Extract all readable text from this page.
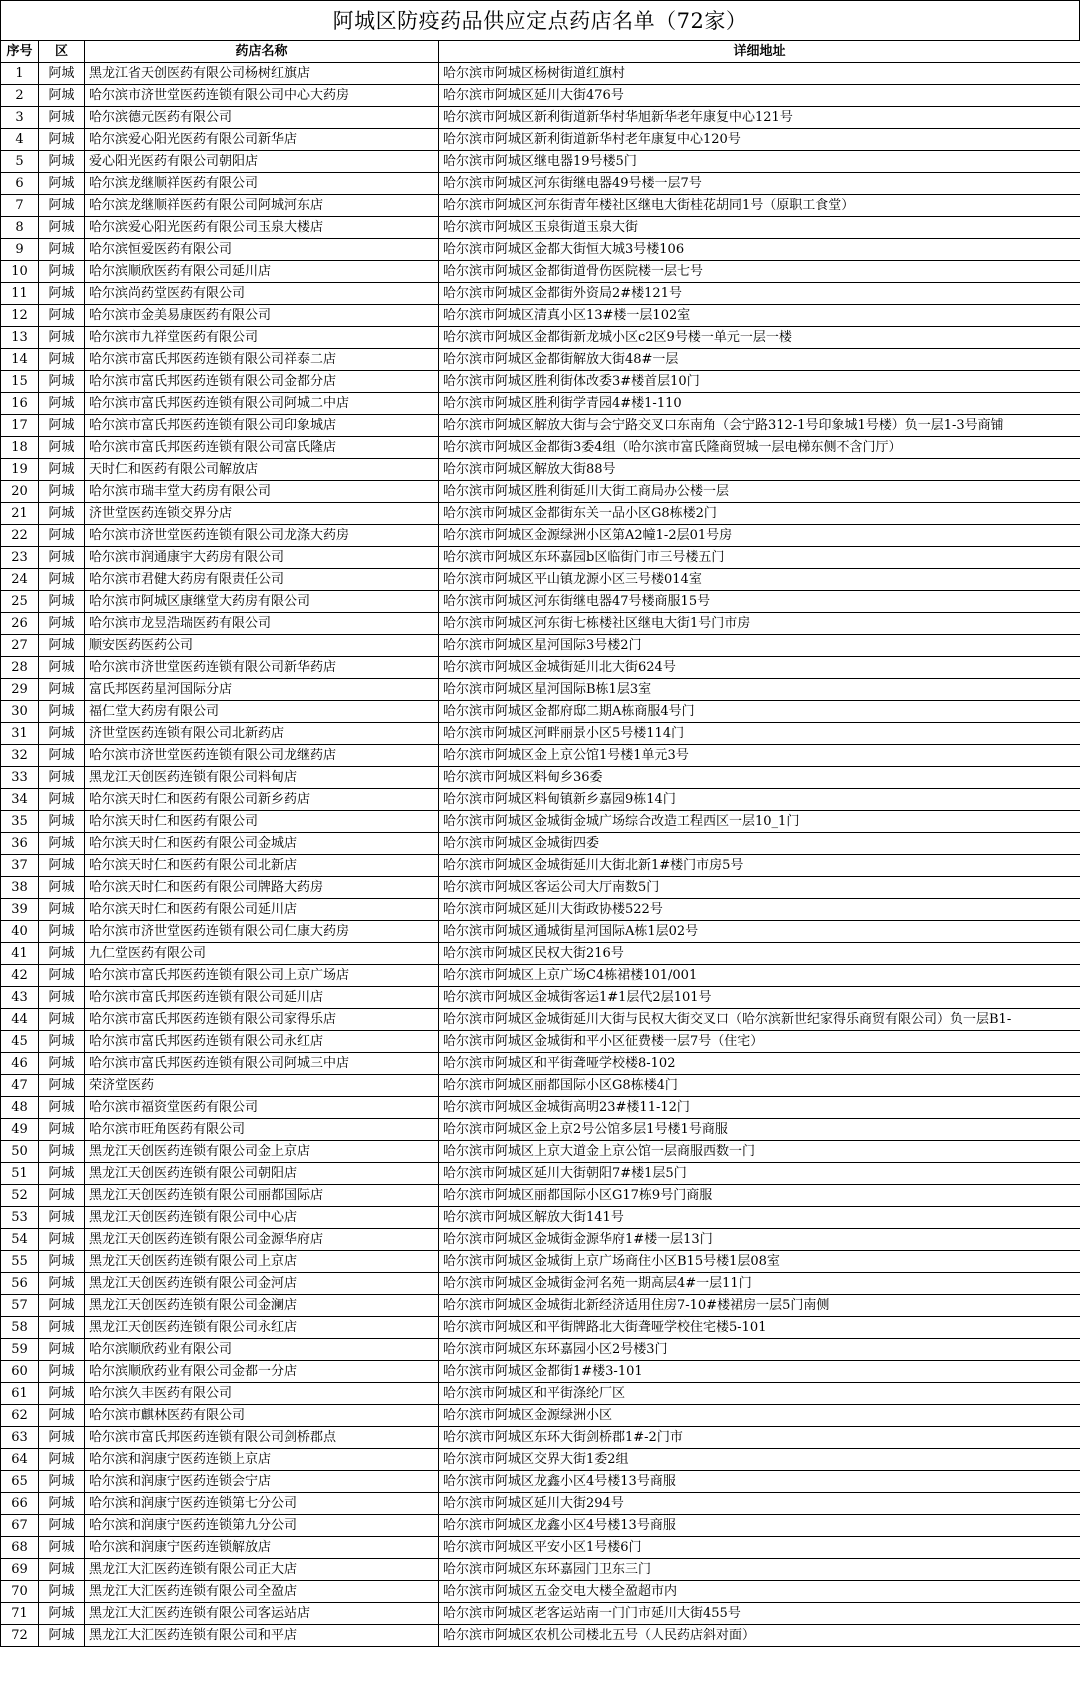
阿城区防疫药品供应定点药店名单（72家）
序号	区	药店名称	详细地址
1	阿城	黑龙江省天创医药有限公司杨树红旗店	哈尔滨市阿城区杨树街道红旗村
2	阿城	哈尔滨市济世堂医药连锁有限公司中心大药房	哈尔滨市阿城区延川大街476号
3	阿城	哈尔滨德元医药有限公司	哈尔滨市阿城区新利街道新华村华旭新华老年康复中心121号
4	阿城	哈尔滨爱心阳光医药有限公司新华店	哈尔滨市阿城区新利街道新华村老年康复中心120号
5	阿城	爱心阳光医药有限公司朝阳店	哈尔滨市阿城区继电器19号楼5门
6	阿城	哈尔滨龙继顺祥医药有限公司	哈尔滨市阿城区河东街继电器49号楼一层7号
7	阿城	哈尔滨龙继顺祥医药有限公司阿城河东店	哈尔滨市阿城区河东街青年楼社区继电大街桂花胡同1号（原职工食堂）
8	阿城	哈尔滨爱心阳光医药有限公司玉泉大楼店	哈尔滨市阿城区玉泉街道玉泉大街
9	阿城	哈尔滨恒爱医药有限公司	哈尔滨市阿城区金都大街恒大城3号楼106
10	阿城	哈尔滨顺欣医药有限公司延川店	哈尔滨市阿城区金都街道骨伤医院楼一层七号
11	阿城	哈尔滨尚药堂医药有限公司	哈尔滨市阿城区金都街外资局2#楼121号
12	阿城	哈尔滨市金美易康医药有限公司	哈尔滨市阿城区清真小区13#楼一层102室
13	阿城	哈尔滨市九祥堂医药有限公司	哈尔滨市阿城区金都街新龙城小区c2区9号楼一单元一层一楼
14	阿城	哈尔滨市富氏邦医药连锁有限公司祥泰二店	哈尔滨市阿城区金都街解放大街48#一层
15	阿城	哈尔滨市富氏邦医药连锁有限公司金都分店	哈尔滨市阿城区胜利街体改委3#楼首层10门
16	阿城	哈尔滨市富氏邦医药连锁有限公司阿城二中店	哈尔滨市阿城区胜利街学青园4#楼1-110
17	阿城	哈尔滨市富氏邦医药连锁有限公司印象城店	哈尔滨市阿城区解放大街与会宁路交叉口东南角（会宁路312-1号印象城1号楼）负一层1-3号商铺
18	阿城	哈尔滨市富氏邦医药连锁有限公司富氏隆店	哈尔滨市阿城区金都街3委4组（哈尔滨市富氏隆商贸城一层电梯东侧不含门厅）
19	阿城	天时仁和医药有限公司解放店	哈尔滨市阿城区解放大街88号
20	阿城	哈尔滨市瑞丰堂大药房有限公司	哈尔滨市阿城区胜利街延川大街工商局办公楼一层
21	阿城	济世堂医药连锁交界分店	哈尔滨市阿城区金都街东关一品小区G8栋楼2门
22	阿城	哈尔滨市济世堂医药连锁有限公司龙涤大药房	哈尔滨市阿城区金源绿洲小区第A2幢1-2层01号房
23	阿城	哈尔滨市润通康宇大药房有限公司	哈尔滨市阿城区东环嘉园b区临街门市三号楼五门
24	阿城	哈尔滨市君健大药房有限责任公司	哈尔滨市阿城区平山镇龙源小区三号楼014室
25	阿城	哈尔滨市阿城区康继堂大药房有限公司	哈尔滨市阿城区河东街继电器47号楼商服15号
26	阿城	哈尔滨市龙昱浩瑞医药有限公司	哈尔滨市阿城区河东街七栋楼社区继电大街1号门市房
27	阿城	顺安医药医药公司	哈尔滨市阿城区星河国际3号楼2门
28	阿城	哈尔滨市济世堂医药连锁有限公司新华药店	哈尔滨市阿城区金城街延川北大街624号
29	阿城	富氏邦医药星河国际分店	哈尔滨市阿城区星河国际B栋1层3室
30	阿城	福仁堂大药房有限公司	哈尔滨市阿城区金都府邸二期A栋商服4号门
31	阿城	济世堂医药连锁有限公司北新药店	哈尔滨市阿城区河畔丽景小区5号楼114门
32	阿城	哈尔滨市济世堂医药连锁有限公司龙继药店	哈尔滨市阿城区金上京公馆1号楼1单元3号
33	阿城	黑龙江天创医药连锁有限公司料甸店	哈尔滨市阿城区料甸乡36委
34	阿城	哈尔滨天时仁和医药有限公司新乡药店	哈尔滨市阿城区料甸镇新乡嘉园9栋14门
35	阿城	哈尔滨天时仁和医药有限公司	哈尔滨市阿城区金城街金城广场综合改造工程西区一层10_1门
36	阿城	哈尔滨天时仁和医药有限公司金城店	哈尔滨市阿城区金城街四委
37	阿城	哈尔滨天时仁和医药有限公司北新店	哈尔滨市阿城区金城街延川大街北新1#楼门市房5号
38	阿城	哈尔滨天时仁和医药有限公司牌路大药房	哈尔滨市阿城区客运公司大厅南数5门
39	阿城	哈尔滨天时仁和医药有限公司延川店	哈尔滨市阿城区延川大街政协楼522号
40	阿城	哈尔滨市济世堂医药连锁有限公司仁康大药房	哈尔滨市阿城区通城街星河国际A栋1层02号
41	阿城	九仁堂医药有限公司	哈尔滨市阿城区民权大街216号
42	阿城	哈尔滨市富氏邦医药连锁有限公司上京广场店	哈尔滨市阿城区上京广场C4栋裙楼101/001
43	阿城	哈尔滨市富氏邦医药连锁有限公司延川店	哈尔滨市阿城区金城街客运1#1层代2层101号
44	阿城	哈尔滨市富氏邦医药连锁有限公司家得乐店	哈尔滨市阿城区金城街延川大街与民权大街交叉口（哈尔滨新世纪家得乐商贸有限公司）负一层B1-
45	阿城	哈尔滨市富氏邦医药连锁有限公司永红店	哈尔滨市阿城区金城街和平小区征费楼一层7号（住宅）
46	阿城	哈尔滨市富氏邦医药连锁有限公司阿城三中店	哈尔滨市阿城区和平街聋哑学校楼8-102
47	阿城	荣济堂医药	哈尔滨市阿城区丽都国际小区G8栋楼4门
48	阿城	哈尔滨市福资堂医药有限公司	哈尔滨市阿城区金城街高明23#楼11-12门
49	阿城	哈尔滨市旺角医药有限公司	哈尔滨市阿城区金上京2号公馆多层1号楼1号商服
50	阿城	黑龙江天创医药连锁有限公司金上京店	哈尔滨市阿城区上京大道金上京公馆一层商服西数一门
51	阿城	黑龙江天创医药连锁有限公司朝阳店	哈尔滨市阿城区延川大街朝阳7#楼1层5门
52	阿城	黑龙江天创医药连锁有限公司丽都国际店	哈尔滨市阿城区丽都国际小区G17栋9号门商服
53	阿城	黑龙江天创医药连锁有限公司中心店	哈尔滨市阿城区解放大街141号
54	阿城	黑龙江天创医药连锁有限公司金源华府店	哈尔滨市阿城区金城街金源华府1#楼一层13门
55	阿城	黑龙江天创医药连锁有限公司上京店	哈尔滨市阿城区金城街上京广场商住小区B15号楼1层08室
56	阿城	黑龙江天创医药连锁有限公司金河店	哈尔滨市阿城区金城街金河名苑一期高层4#一层11门
57	阿城	黑龙江天创医药连锁有限公司金澜店	哈尔滨市阿城区金城街北新经济适用住房7-10#楼裙房一层5门南侧
58	阿城	黑龙江天创医药连锁有限公司永红店	哈尔滨市阿城区和平街牌路北大街聋哑学校住宅楼5-101
59	阿城	哈尔滨顺欣药业有限公司	哈尔滨市阿城区东环嘉园小区2号楼3门
60	阿城	哈尔滨顺欣药业有限公司金都一分店	哈尔滨市阿城区金都街1#楼3-101
61	阿城	哈尔滨久丰医药有限公司	哈尔滨市阿城区和平街涤纶厂区
62	阿城	哈尔滨市麒林医药有限公司	哈尔滨市阿城区金源绿洲小区
63	阿城	哈尔滨市富氏邦医药连锁有限公司剑桥郡点	哈尔滨市阿城区东环大街剑桥郡1#-2门市
64	阿城	哈尔滨和润康宁医药连锁上京店	哈尔滨市阿城区交界大街1委2组
65	阿城	哈尔滨和润康宁医药连锁会宁店	哈尔滨市阿城区龙鑫小区4号楼13号商服
66	阿城	哈尔滨和润康宁医药连锁第七分公司	哈尔滨市阿城区延川大街294号
67	阿城	哈尔滨和润康宁医药连锁第九分公司	哈尔滨市阿城区龙鑫小区4号楼13号商服
68	阿城	哈尔滨和润康宁医药连锁解放店	哈尔滨市阿城区平安小区1号楼6门
69	阿城	黑龙江大汇医药连锁有限公司正大店	哈尔滨市阿城区东环嘉园门卫东三门
70	阿城	黑龙江大汇医药连锁有限公司全盈店	哈尔滨市阿城区五金交电大楼全盈超市内
71	阿城	黑龙江大汇医药连锁有限公司客运站店	哈尔滨市阿城区老客运站南一门门市延川大街455号
72	阿城	黑龙江大汇医药连锁有限公司和平店	哈尔滨市阿城区农机公司楼北五号（人民药店斜对面）
